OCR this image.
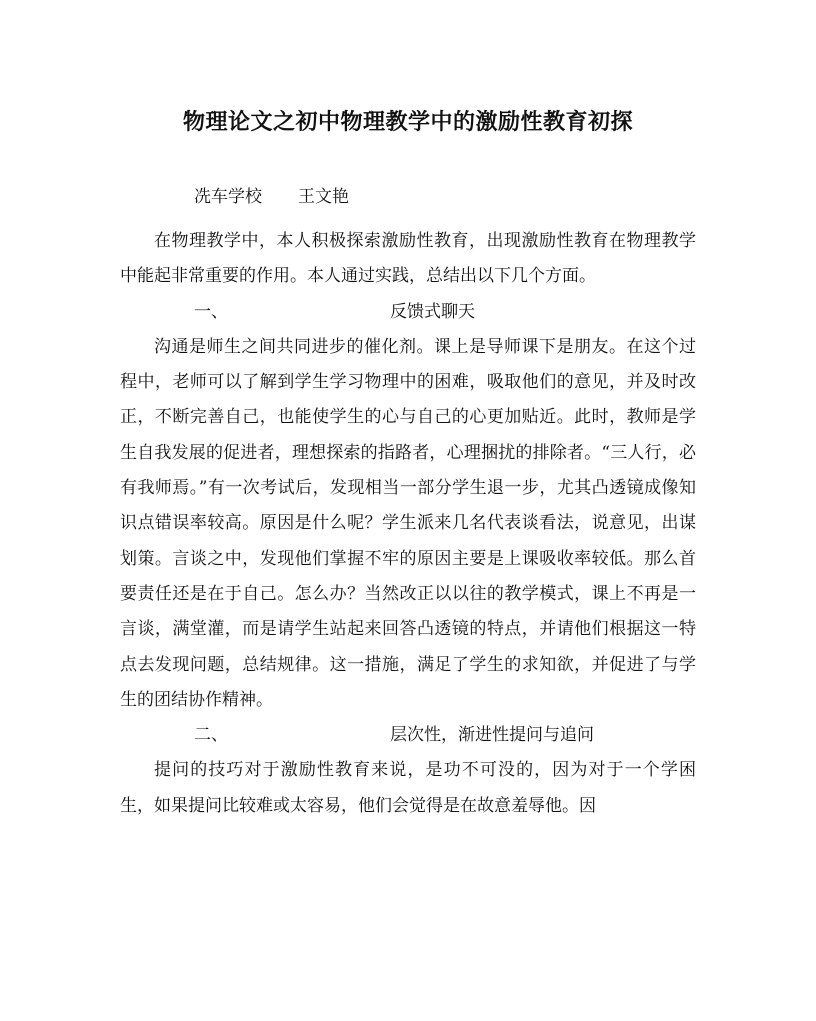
物理论文之初中物理教学中的激励性教育初探
冼车学校 王文艳

在物理教学中，本人积极探索激励性教育，出现激励性教育在物理教学中能起非常重要的作用。本人通过实践，总结出以下几个方面。

一、	反馈式聊天

沟通是师生之间共同进步的催化剂。课上是导师课下是朋友。在这个过程中，老师可以了解到学生学习物理中的困难，吸取他们的意见，并及时改正，不断完善自己，也能使学生的心与自己的心更加贴近。此时，教师是学生自我发展的促进者，理想探索的指路者，心理捆扰的排除者。“三人行，必有我师焉。”有一次考试后，发现相当一部分学生退一步，尤其凸透镜成像知识点错误率较高。原因是什么呢？学生派来几名代表谈看法，说意见，出谋划策。言谈之中，发现他们掌握不牢的原因主要是上课吸收率较低。那么首要责任还是在于自己。怎么办？当然改正以以往的教学模式，课上不再是一言谈，满堂灌，而是请学生站起来回答凸透镜的特点，并请他们根据这一特点去发现问题，总结规律。这一措施，满足了学生的求知欲，并促进了与学生的团结协作精神。

二、	层次性，渐进性提问与追问

提问的技巧对于激励性教育来说，是功不可没的，因为对于一个学困生，如果提问比较难或太容易，他们会觉得是在故意羞辱他。因
